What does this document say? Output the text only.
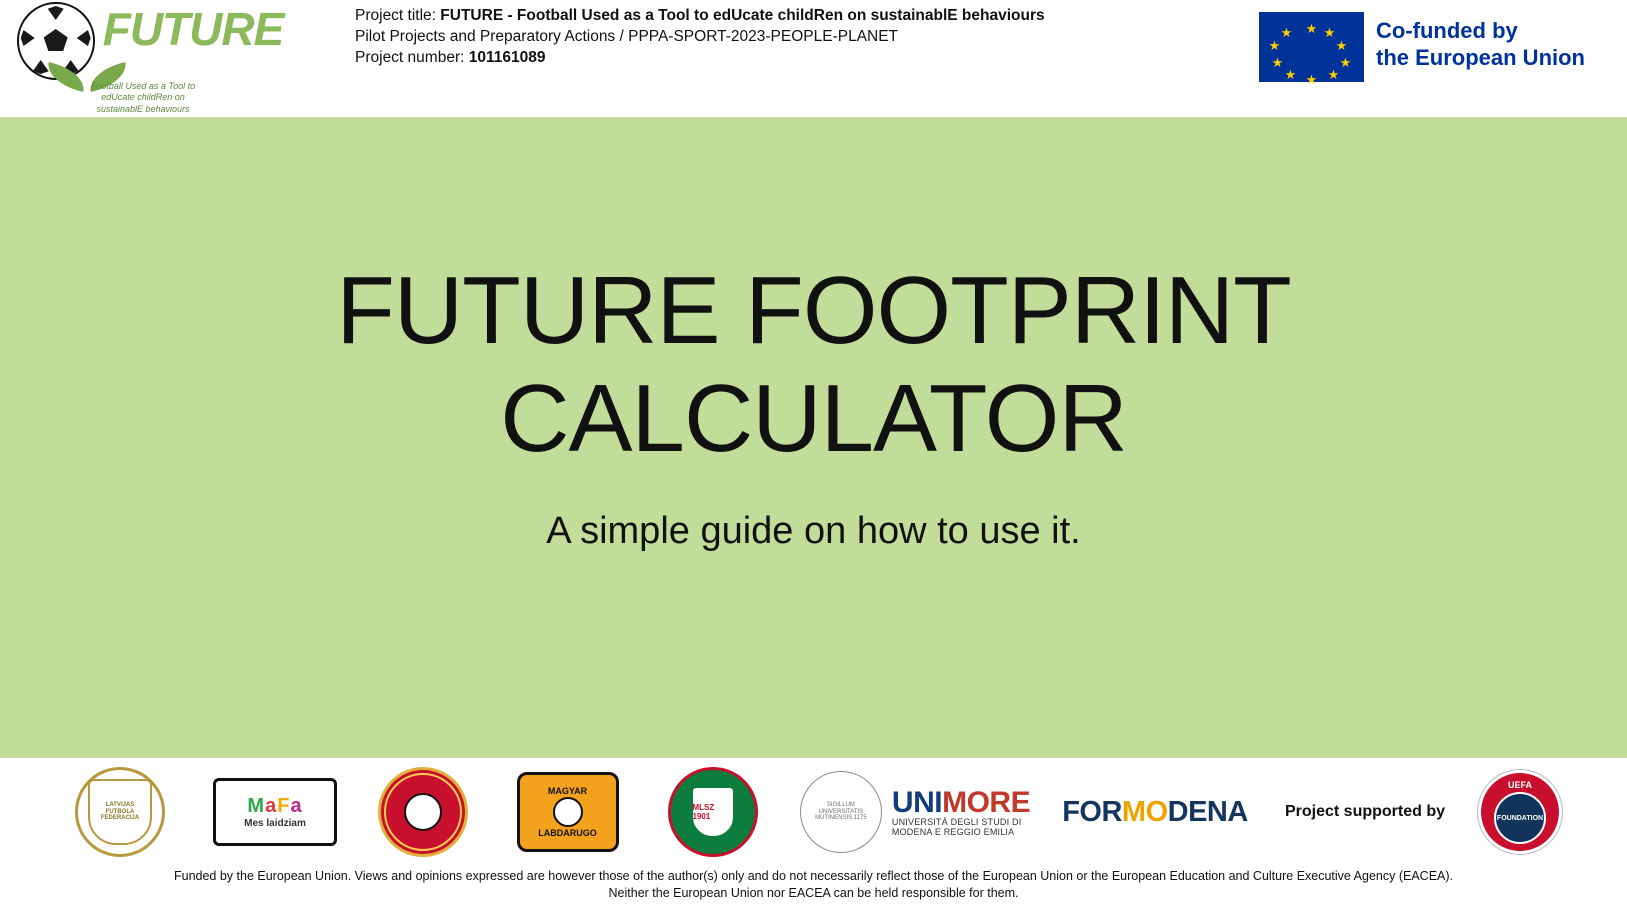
FUTURE
Football Used as a Tool to
edUcate childRen on
sustainablE behaviours
Project title: FUTURE - Football Used as a Tool to edUcate childRen on sustainablE behaviours
Pilot Projects and Preparatory Actions / PPPA-SPORT-2023-PEOPLE-PLANET
Project number: 101161089
★ ★
★
★
★
★
★
★
★
★	Co-funded by
the European Union
FUTURE FOOTPRINT CALCULATOR
A simple guide on how to use it.
LATVIJAS FUTBOLA FEDERACIJA
MaFa
Mes laidziam
MAGYAR
LABDARUGO
MLSZ 1901
SIGILLUM UNIVERSITATIS MUTINENSIS 1175 UNIMORE
UNIVERSITÀ DEGLI STUDI DI
MODENA E REGGIO EMILIA
FORMODENA Project supported by
UEFA
FOUNDATION
Funded by the European Union. Views and opinions expressed are however those of the author(s) only and do not necessarily reflect those of the European Union or the European Education and Culture Executive Agency (EACEA).
Neither the European Union nor EACEA can be held responsible for them.
